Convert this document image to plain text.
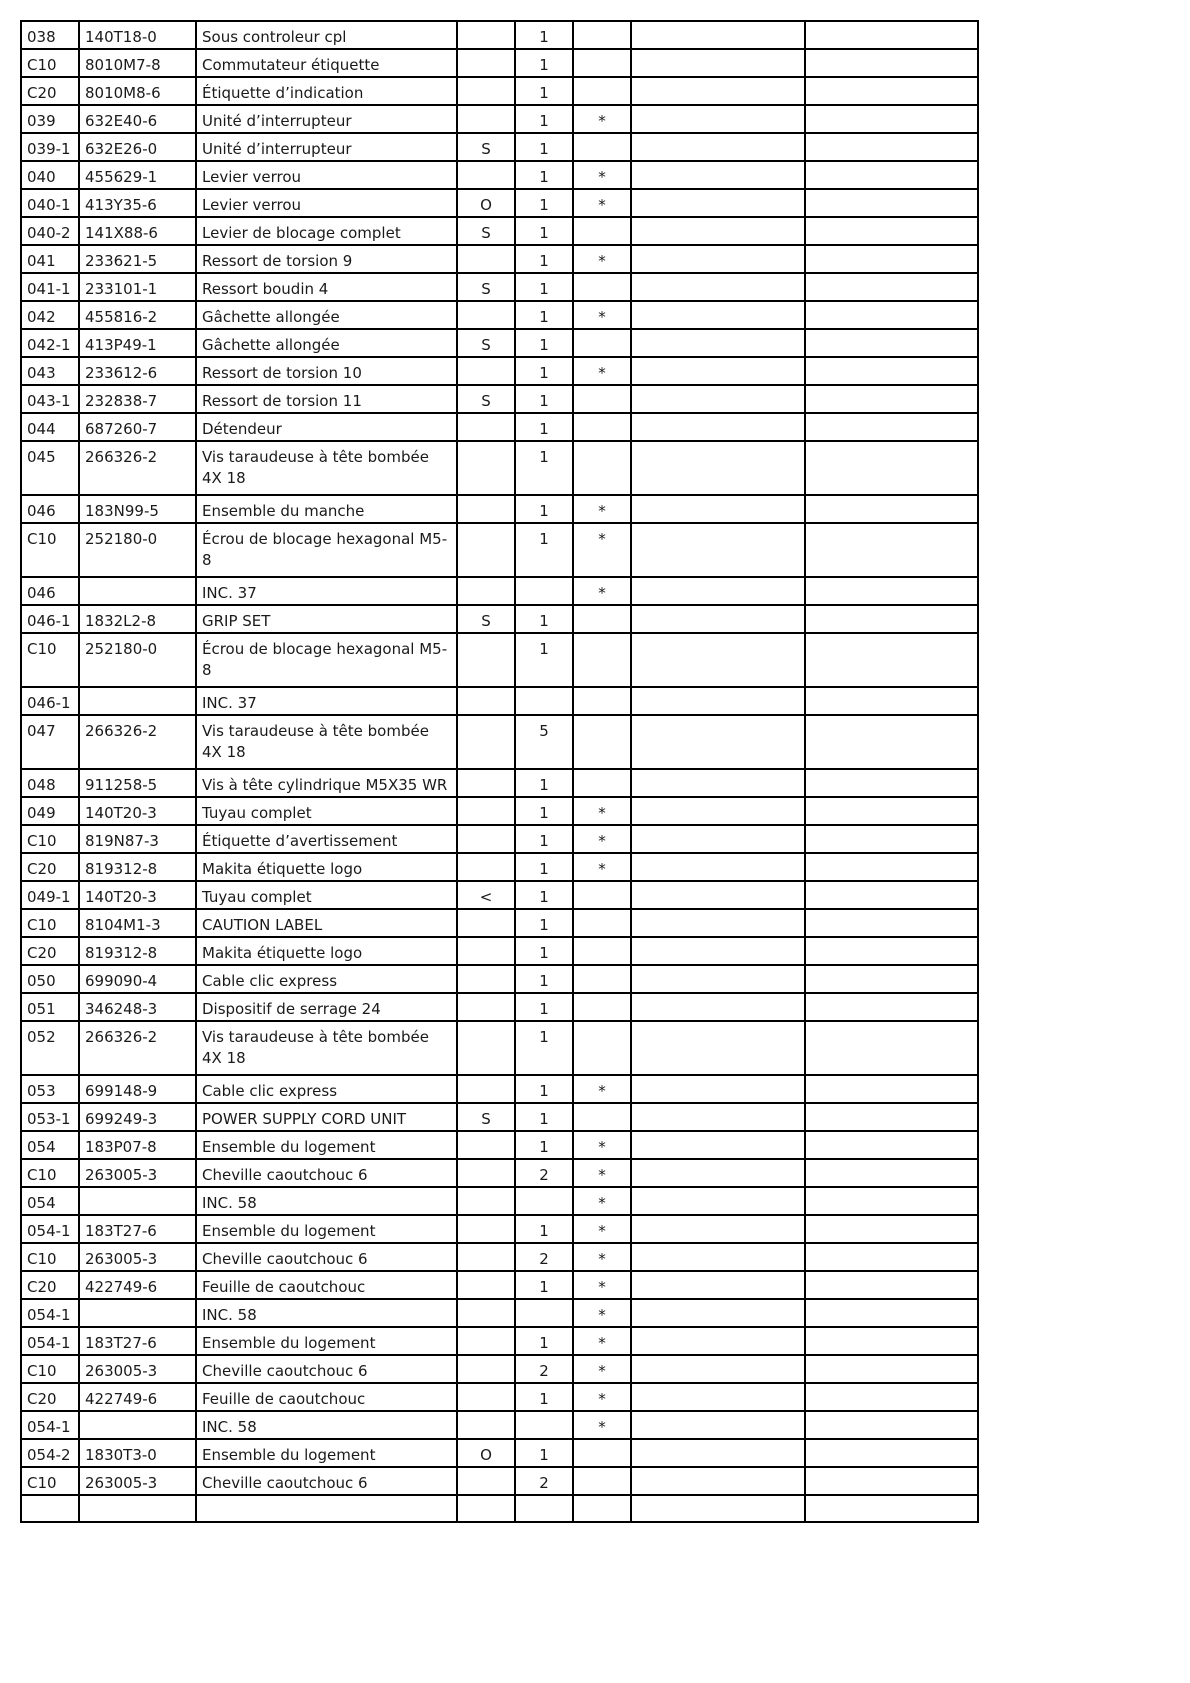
038	140T18-0	Sous controleur cpl		1			
C10	8010M7-8	Commutateur étiquette		1			
C20	8010M8-6	Étiquette d’indication		1			
039	632E40-6	Unité d’interrupteur		1	*		
039-1	632E26-0	Unité d’interrupteur	S	1			
040	455629-1	Levier verrou		1	*		
040-1	413Y35-6	Levier verrou	O	1	*		
040-2	141X88-6	Levier de blocage complet	S	1			
041	233621-5	Ressort de torsion 9		1	*		
041-1	233101-1	Ressort boudin 4	S	1			
042	455816-2	Gâchette allongée		1	*		
042-1	413P49-1	Gâchette allongée	S	1			
043	233612-6	Ressort de torsion 10		1	*		
043-1	232838-7	Ressort de torsion 11	S	1			
044	687260-7	Détendeur		1			
045	266326-2	Vis taraudeuse à tête bombée 4X 18		1			
046	183N99-5	Ensemble du manche		1	*		
C10	252180-0	Écrou de blocage hexagonal M5-8		1	*		
046		INC. 37			*		
046-1	1832L2-8	GRIP SET	S	1			
C10	252180-0	Écrou de blocage hexagonal M5-8		1			
046-1		INC. 37					
047	266326-2	Vis taraudeuse à tête bombée 4X 18		5			
048	911258-5	Vis à tête cylindrique M5X35 WR		1			
049	140T20-3	Tuyau complet		1	*		
C10	819N87-3	Étiquette d’avertissement		1	*		
C20	819312-8	Makita étiquette logo		1	*		
049-1	140T20-3	Tuyau complet	<	1			
C10	8104M1-3	CAUTION LABEL		1			
C20	819312-8	Makita étiquette logo		1			
050	699090-4	Cable clic express		1			
051	346248-3	Dispositif de serrage 24		1			
052	266326-2	Vis taraudeuse à tête bombée 4X 18		1			
053	699148-9	Cable clic express		1	*		
053-1	699249-3	POWER SUPPLY CORD UNIT	S	1			
054	183P07-8	Ensemble du logement		1	*		
C10	263005-3	Cheville caoutchouc 6		2	*		
054		INC. 58			*		
054-1	183T27-6	Ensemble du logement		1	*		
C10	263005-3	Cheville caoutchouc 6		2	*		
C20	422749-6	Feuille de caoutchouc		1	*		
054-1		INC. 58			*		
054-1	183T27-6	Ensemble du logement		1	*		
C10	263005-3	Cheville caoutchouc 6		2	*		
C20	422749-6	Feuille de caoutchouc		1	*		
054-1		INC. 58			*		
054-2	1830T3-0	Ensemble du logement	O	1			
C10	263005-3	Cheville caoutchouc 6		2			
